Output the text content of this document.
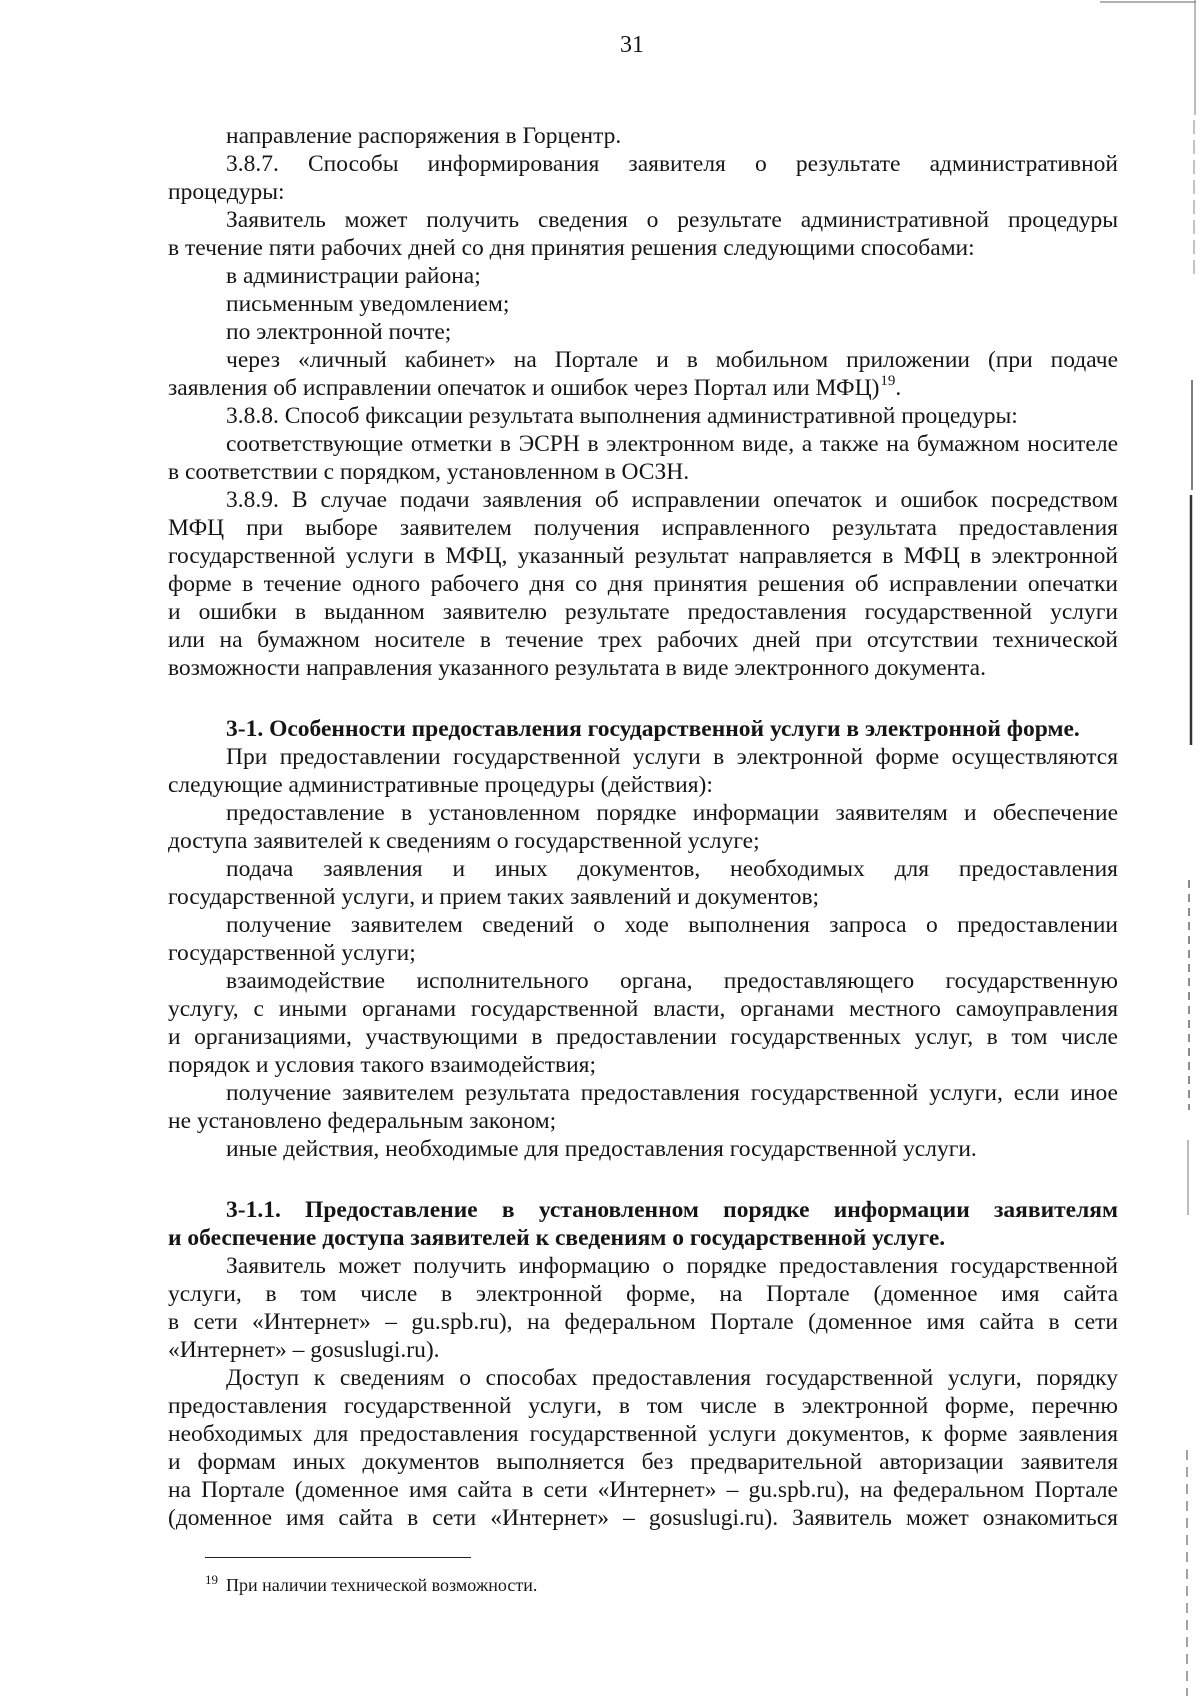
31
направление распоряжения в Горцентр.
3.8.7. Способы информирования заявителя о результате административной
процедуры:
Заявитель может получить сведения о результате административной процедуры
в течение пяти рабочих дней со дня принятия решения следующими способами:
в администрации района;
письменным уведомлением;
по электронной почте;
через «личный кабинет» на Портале и в мобильном приложении (при подаче
заявления об исправлении опечаток и ошибок через Портал или МФЦ)$^{19}$.
3.8.8. Способ фиксации результата выполнения административной процедуры:
соответствующие отметки в ЭСРН в электронном виде, а также на бумажном носителе
в соответствии с порядком, установленном в ОСЗН.
3.8.9. В случае подачи заявления об исправлении опечаток и ошибок посредством
МФЦ при выборе заявителем получения исправленного результата предоставления
государственной услуги в МФЦ, указанный результат направляется в МФЦ в электронной
форме в течение одного рабочего дня со дня принятия решения об исправлении опечатки
и ошибки в выданном заявителю результате предоставления государственной услуги
или на бумажном носителе в течение трех рабочих дней при отсутствии технической
возможности направления указанного результата в виде электронного документа.
3-1. Особенности предоставления государственной услуги в электронной форме.
При предоставлении государственной услуги в электронной форме осуществляются
следующие административные процедуры (действия):
предоставление в установленном порядке информации заявителям и обеспечение
доступа заявителей к сведениям о государственной услуге;
подача заявления и иных документов, необходимых для предоставления
государственной услуги, и прием таких заявлений и документов;
получение заявителем сведений о ходе выполнения запроса о предоставлении
государственной услуги;
взаимодействие исполнительного органа, предоставляющего государственную
услугу, с иными органами государственной власти, органами местного самоуправления
и организациями, участвующими в предоставлении государственных услуг, в том числе
порядок и условия такого взаимодействия;
получение заявителем результата предоставления государственной услуги, если иное
не установлено федеральным законом;
иные действия, необходимые для предоставления государственной услуги.
3-1.1. Предоставление в установленном порядке информации заявителям
и обеспечение доступа заявителей к сведениям о государственной услуге.
Заявитель может получить информацию о порядке предоставления государственной
услуги, в том числе в электронной форме, на Портале (доменное имя сайта
в сети «Интернет» – gu.spb.ru), на федеральном Портале (доменное имя сайта в сети
«Интернет» – gosuslugi.ru).
Доступ к сведениям о способах предоставления государственной услуги, порядку
предоставления государственной услуги, в том числе в электронной форме, перечню
необходимых для предоставления государственной услуги документов, к форме заявления
и формам иных документов выполняется без предварительной авторизации заявителя
на Портале (доменное имя сайта в сети «Интернет» – gu.spb.ru), на федеральном Портале
(доменное имя сайта в сети «Интернет» – gosuslugi.ru). Заявитель может ознакомиться
$^{19}$ При наличии технической возможности.
